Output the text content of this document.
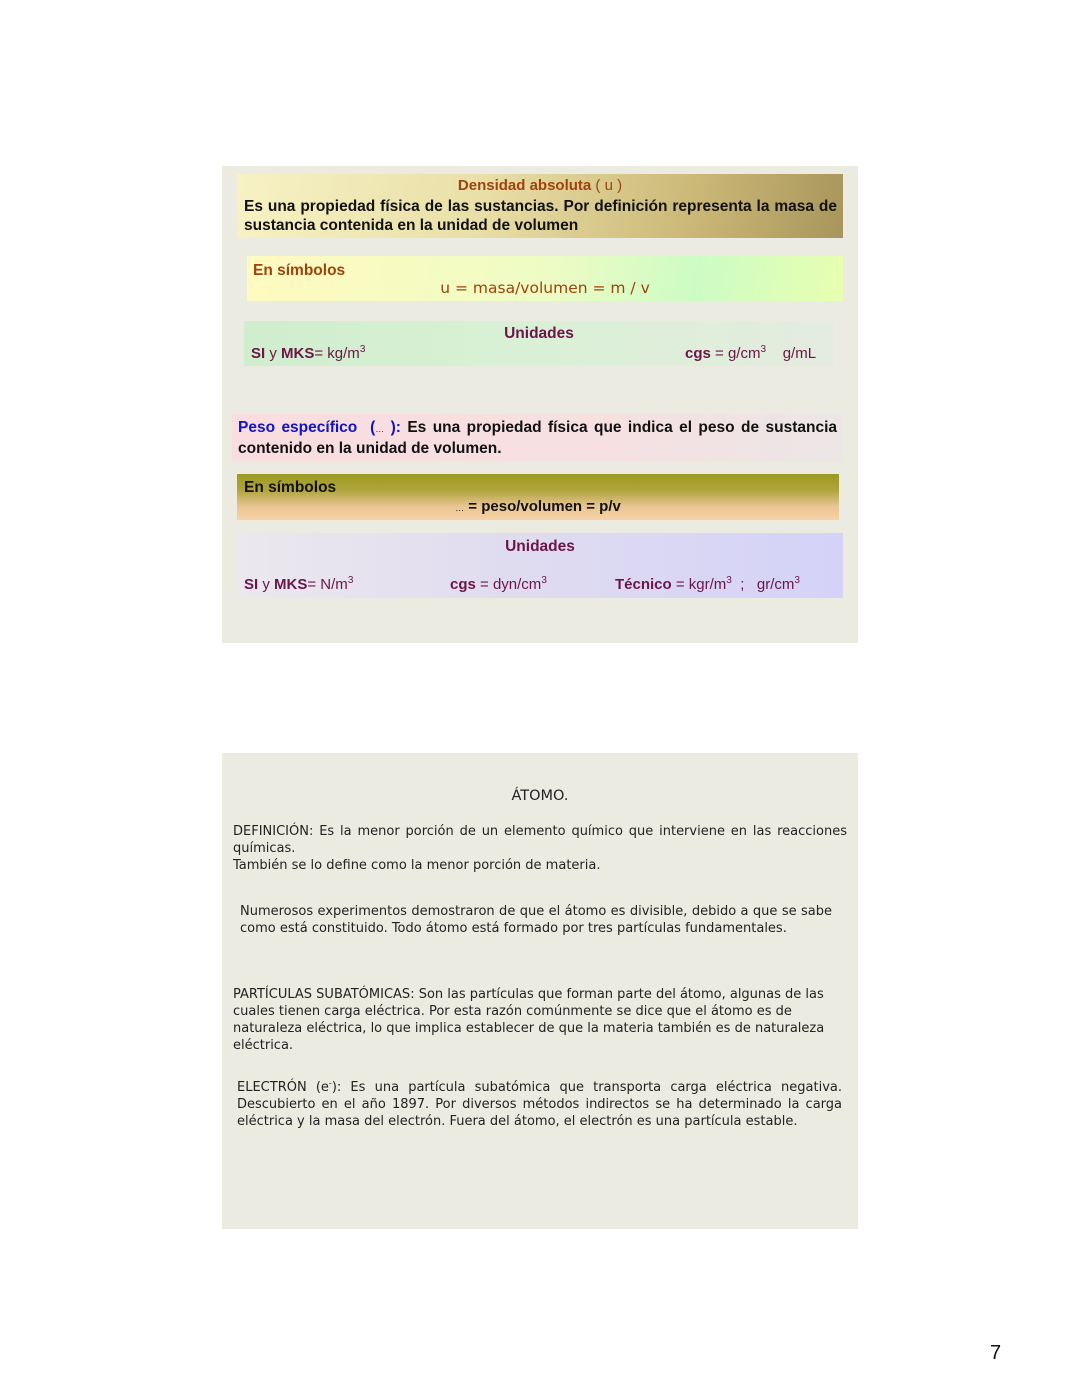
Densidad absoluta ( u )
Es una propiedad física de las sustancias. Por definición representa la masa de sustancia contenida en la unidad de volumen
En símbolos
u = masa/volumen = m / v
Unidades
SI y $MKS= kg/m^3$	cgs = $g/cm^3$ g/mL
Peso específico (… ): Es una propiedad física que indica el peso de sustancia contenido en la unidad de volumen.
En símbolos
… = peso/volumen = p/v
Unidades
SI y $MKS= N/m^3$	cgs = dyn/$cm^3$	Técnico = kgr/$m^3$  ;   $gr/cm^3$
ÁTOMO.
DEFINICIÓN: Es la menor porción de un elemento químico que interviene en las reacciones químicas.
También se lo define como la menor porción de materia.
Numerosos experimentos demostraron de que el átomo es divisible, debido a que se sabe como está constituido. Todo átomo está formado por tres partículas fundamentales.
PARTÍCULAS SUBATÓMICAS: Son las partículas que forman parte del átomo, algunas de las cuales tienen carga eléctrica. Por esta razón comúnmente se dice que el átomo es de naturaleza eléctrica, lo que implica establecer de que la materia también es de naturaleza eléctrica.
ELECTRÓN (e-): Es una partícula subatómica que transporta carga eléctrica negativa. Descubierto en el año 1897. Por diversos métodos indirectos se ha determinado la carga eléctrica y la masa del electrón. Fuera del átomo, el electrón es una partícula estable.
7
